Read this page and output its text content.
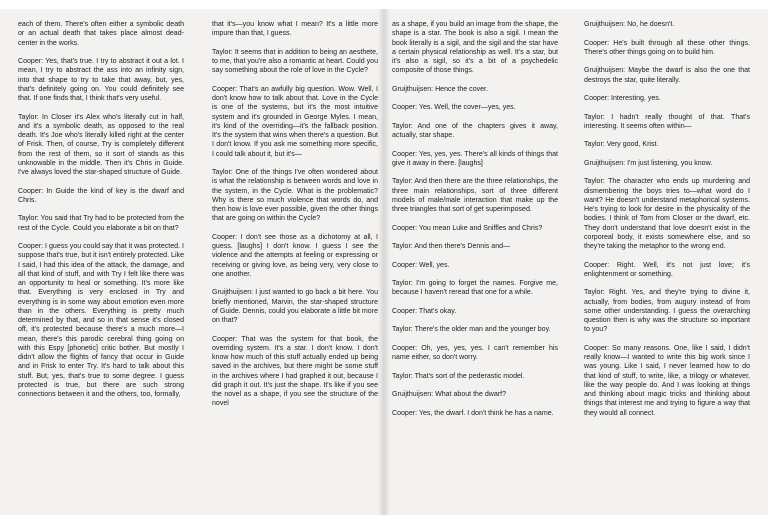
each of them. There's often either a symbolic death or an actual death that takes place almost dead-center in the works.

Cooper: Yes, that's true. I try to abstract it out a lot. I mean, I try to abstract the ass into an infinity sign, into that shape to try to take that away, but, yes, that's definitely going on. You could definitely see that. If one finds that, I think that's very useful.

Taylor: In Closer it's Alex who's literally cut in half, and it's a symbolic death, as opposed to the real death. It's Joe who's literally killed right at the center of Frisk. Then, of course, Try is completely different from the rest of them, so it sort of stands as this unknowable in the middle. Then it's Chris in Guide. I've always loved the star-shaped structure of Guide.

Cooper: In Guide the kind of key is the dwarf and Chris.

Taylor: You said that Try had to be protected from the rest of the Cycle. Could you elaborate a bit on that?

Cooper: I guess you could say that it was protected. I suppose that's true, but it isn't entirely protected. Like I said, I had this idea of the attack, the damage, and all that kind of stuff, and with Try I felt like there was an opportunity to heal or something. It's more like that. Everything is very enclosed in Try and everything is in some way about emotion even more than in the others. Everything is pretty much determined by that, and so in that sense it's closed off, it's protected because there's a much more—I mean, there's this parodic cerebral thing going on with this Espy [phonetic] critic bother. But mostly I didn't allow the flights of fancy that occur in Guide and in Frisk to enter Try. It's hard to talk about this stuff. But, yes, that's true to some degree. I guess protected is true, but there are such strong connections between it and the others, too, formally,

that it's—you know what I mean? It's a little more impure than that, I guess.

Taylor: It seems that in addition to being an aesthete, to me, that you're also a romantic at heart. Could you say something about the role of love in the Cycle?

Cooper: That's an awfully big question. Wow. Well, I don't know how to talk about that. Love in the Cycle is one of the systems, but it's the most intuitive system and it's grounded in George Myles. I mean, it's kind of the overriding—it's the fallback position. It's the system that wins when there's a question. But I don't know. If you ask me something more specific, I could talk about it, but it's—

Taylor: One of the things I've often wondered about is what the relationship is between words and love in the system, in the Cycle. What is the problematic? Why is there so much violence that words do, and then how is love ever possible, given the other things that are going on within the Cycle?

Cooper: I don't see those as a dichotomy at all, I guess. [laughs] I don't know. I guess I see the violence and the attempts at feeling or expressing or receiving or giving love, as being very, very close to one another.

Gruijthuijsen: I just wanted to go back a bit here. You briefly mentioned, Marvin, the star-shaped structure of Guide. Dennis, could you elaborate a little bit more on that?

Cooper: That was the system for that book, the overriding system. It's a star. I don't know. I don't know how much of this stuff actually ended up being saved in the archives, but there might be some stuff in the archives where I had graphed it out, because I did graph it out. It's just the shape. It's like if you see the novel as a shape, if you see the structure of the novel

as a shape, if you build an image from the shape, the shape is a star. The book is also a sigil. I mean the book literally is a sigil, and the sigil and the star have a certain physical relationship as well. It's a star, but it's also a sigil, so it's a bit of a psychedelic composite of those things.

Gruijthuijsen: Hence the cover.

Cooper: Yes. Well, the cover—yes, yes.

Taylor: And one of the chapters gives it away, actually, star shape.

Cooper: Yes, yes, yes. There's all kinds of things that give it away in there. [laughs]

Taylor: And then there are the three relationships, the three main relationships, sort of three different models of male/male interaction that make up the three triangles that sort of get superimposed.

Cooper: You mean Luke and Sniffles and Chris?

Taylor: And then there's Dennis and—

Cooper: Well, yes.

Taylor: I'm going to forget the names. Forgive me, because I haven't reread that one for a while.

Cooper: That's okay.

Taylor: There's the older man and the younger boy.

Cooper: Oh, yes, yes, yes. I can't remember his name either, so don't worry.

Taylor: That's sort of the pederastic model.

Gruijthuijsen: What about the dwarf?

Cooper: Yes, the dwarf. I don't think he has a name.

Gruijthuijsen: No, he doesn't.

Cooper: He's built through all these other things. There's other things going on to build him.

Gruijthuijsen: Maybe the dwarf is also the one that destroys the star, quite literally.

Cooper: Interesting, yes.

Taylor: I hadn't really thought of that. That's interesting. It seems often within—

Taylor: Very good, Krist.

Gruijthuijsen: I'm just listening, you know.

Taylor: The character who ends up murdering and dismembering the boys tries to—what word do I want? He doesn't understand metaphorical systems. He's trying to look for desire in the physicality of the bodies. I think of Tom from Closer or the dwarf, etc. They don't understand that love doesn't exist in the corporeal body, it exists somewhere else, and so they're taking the metaphor to the wrong end.

Cooper: Right. Well, it's not just love; it's enlightenment or something.

Taylor: Right. Yes, and they're trying to divine it, actually, from bodies, from augury instead of from some other understanding. I guess the overarching question then is why was the structure so important to you?

Cooper: So many reasons. One, like I said, I didn't really know—I wanted to write this big work since I was young. Like I said, I never learned how to do that kind of stuff, to write, like, a trilogy or whatever, like the way people do. And I was looking at things and thinking about magic tricks and thinking about things that interest me and trying to figure a way that they would all connect.
